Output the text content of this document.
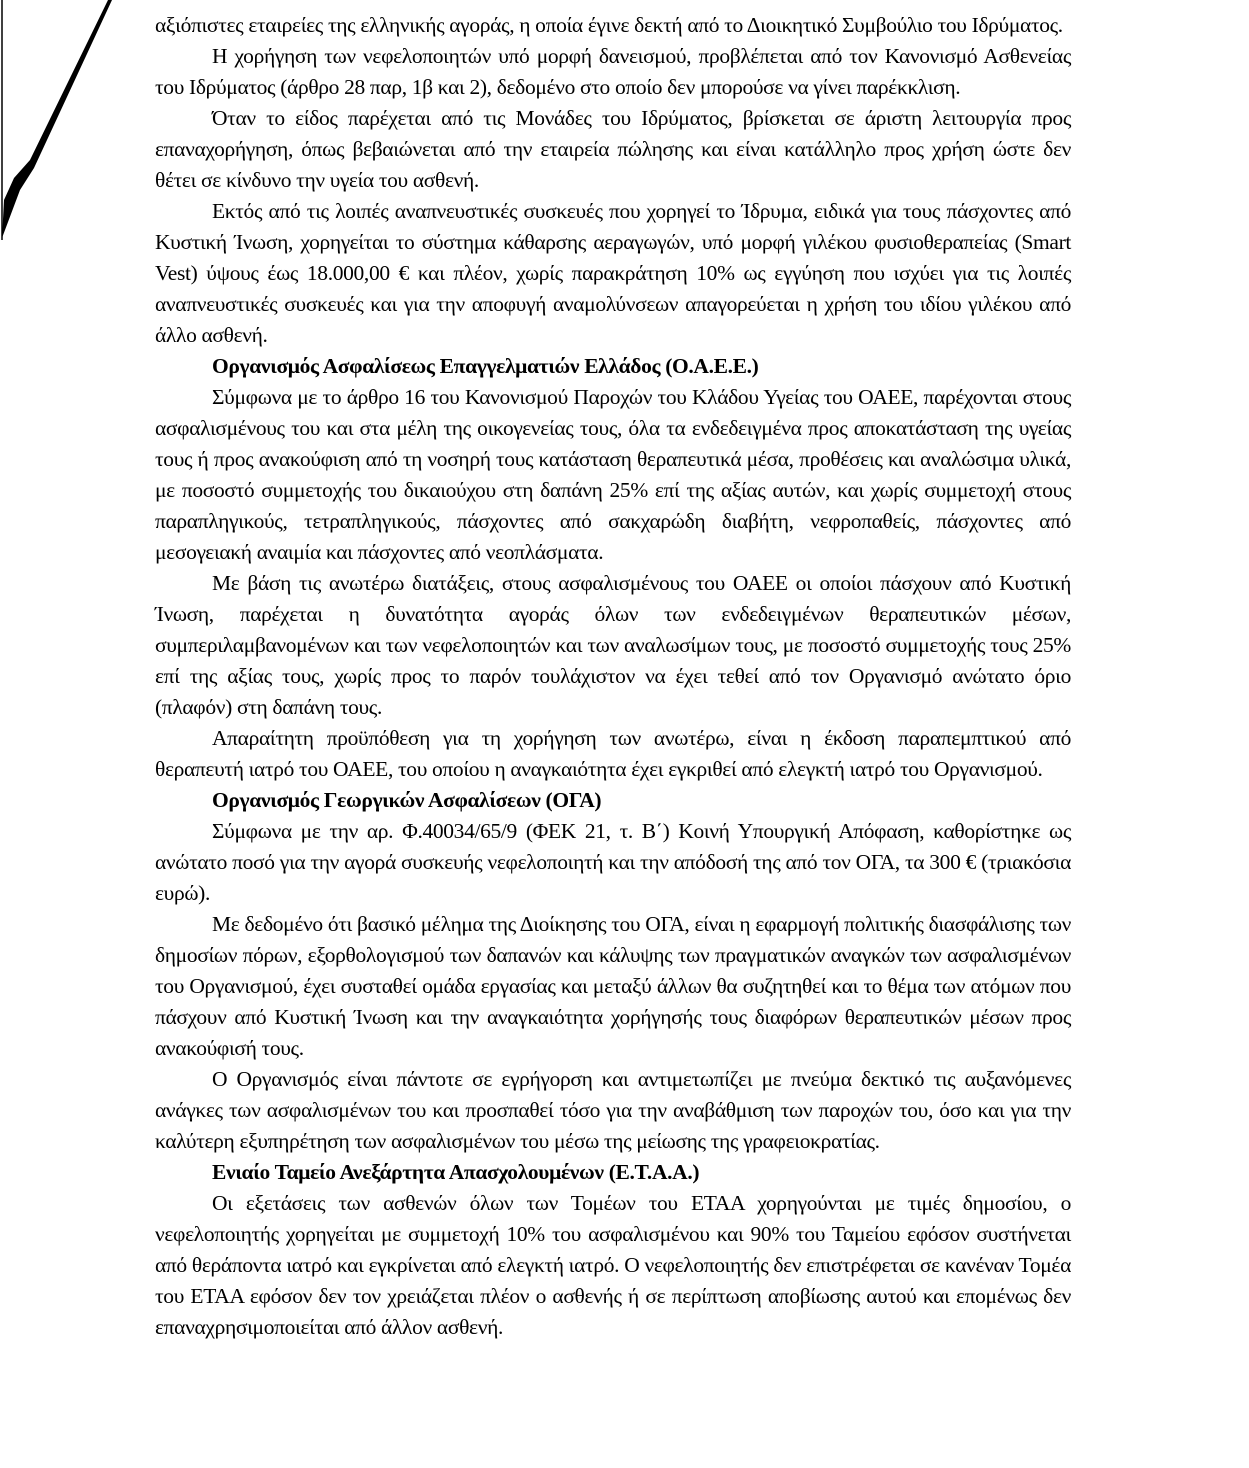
αξιόπιστες εταιρείες της ελληνικής αγοράς, η οποία έγινε δεκτή από το Διοικητικό Συμβούλιο του Ιδρύματος.

Η χορήγηση των νεφελοποιητών υπό μορφή δανεισμού, προβλέπεται από τον Κανονισμό Ασθενείας του Ιδρύματος (άρθρο 28 παρ, 1β και 2), δεδομένο στο οποίο δεν μπορούσε να γίνει παρέκκλιση.

Όταν το είδος παρέχεται από τις Μονάδες του Ιδρύματος, βρίσκεται σε άριστη λειτουργία προς επαναχορήγηση, όπως βεβαιώνεται από την εταιρεία πώλησης και είναι κατάλληλο προς χρήση ώστε δεν θέτει σε κίνδυνο την υγεία του ασθενή.

Εκτός από τις λοιπές αναπνευστικές συσκευές που χορηγεί το Ίδρυμα, ειδικά για τους πάσχοντες από Κυστική Ίνωση, χορηγείται το σύστημα κάθαρσης αεραγωγών, υπό μορφή γιλέκου φυσιοθεραπείας (Smart Vest) ύψους έως 18.000,00 € και πλέον, χωρίς παρακράτηση 10% ως εγγύηση που ισχύει για τις λοιπές αναπνευστικές συσκευές και για την αποφυγή αναμολύνσεων απαγορεύεται η χρήση του ιδίου γιλέκου από άλλο ασθενή.

Οργανισμός Ασφαλίσεως Επαγγελματιών Ελλάδος (Ο.Α.Ε.Ε.)

Σύμφωνα με το άρθρο 16 του Κανονισμού Παροχών του Κλάδου Υγείας του ΟΑΕΕ, παρέχονται στους ασφαλισμένους του και στα μέλη της οικογενείας τους, όλα τα ενδεδειγμένα προς αποκατάσταση της υγείας τους ή προς ανακούφιση από τη νοσηρή τους κατάσταση θεραπευτικά μέσα, προθέσεις και αναλώσιμα υλικά, με ποσοστό συμμετοχής του δικαιούχου στη δαπάνη 25% επί της αξίας αυτών, και χωρίς συμμετοχή στους παραπληγικούς, τετραπληγικούς, πάσχοντες από σακχαρώδη διαβήτη, νεφροπαθείς, πάσχοντες από μεσογειακή αναιμία και πάσχοντες από νεοπλάσματα.

Με βάση τις ανωτέρω διατάξεις, στους ασφαλισμένους του ΟΑΕΕ οι οποίοι πάσχουν από Κυστική Ίνωση, παρέχεται η δυνατότητα αγοράς όλων των ενδεδειγμένων θεραπευτικών μέσων, συμπεριλαμβανομένων και των νεφελοποιητών και των αναλωσίμων τους, με ποσοστό συμμετοχής τους 25% επί της αξίας τους, χωρίς προς το παρόν τουλάχιστον να έχει τεθεί από τον Οργανισμό ανώτατο όριο (πλαφόν) στη δαπάνη τους.

Απαραίτητη προϋπόθεση για τη χορήγηση των ανωτέρω, είναι η έκδοση παραπεμπτικού από θεραπευτή ιατρό του ΟΑΕΕ, του οποίου η αναγκαιότητα έχει εγκριθεί από ελεγκτή ιατρό του Οργανισμού.

Οργανισμός Γεωργικών Ασφαλίσεων (ΟΓΑ)

Σύμφωνα με την αρ. Φ.40034/65/9 (ΦΕΚ 21, τ. Β΄) Κοινή Υπουργική Απόφαση, καθορίστηκε ως ανώτατο ποσό για την αγορά συσκευής νεφελοποιητή και την απόδοσή της από τον ΟΓΑ, τα 300 € (τριακόσια ευρώ).

Με δεδομένο ότι βασικό μέλημα της Διοίκησης του ΟΓΑ, είναι η εφαρμογή πολιτικής διασφάλισης των δημοσίων πόρων, εξορθολογισμού των δαπανών και κάλυψης των πραγματικών αναγκών των ασφαλισμένων του Οργανισμού, έχει συσταθεί ομάδα εργασίας και μεταξύ άλλων θα συζητηθεί και το θέμα των ατόμων που πάσχουν από Κυστική Ίνωση και την αναγκαιότητα χορήγησής τους διαφόρων θεραπευτικών μέσων προς ανακούφισή τους.

Ο Οργανισμός είναι πάντοτε σε εγρήγορση και αντιμετωπίζει με πνεύμα δεκτικό τις αυξανόμενες ανάγκες των ασφαλισμένων του και προσπαθεί τόσο για την αναβάθμιση των παροχών του, όσο και για την καλύτερη εξυπηρέτηση των ασφαλισμένων του μέσω της μείωσης της γραφειοκρατίας.

Ενιαίο Ταμείο Ανεξάρτητα Απασχολουμένων (Ε.Τ.Α.Α.)

Οι εξετάσεις των ασθενών όλων των Τομέων του ΕΤΑΑ χορηγούνται με τιμές δημοσίου, ο νεφελοποιητής χορηγείται με συμμετοχή 10% του ασφαλισμένου και 90% του Ταμείου εφόσον συστήνεται από θεράποντα ιατρό και εγκρίνεται από ελεγκτή ιατρό. Ο νεφελοποιητής δεν επιστρέφεται σε κανέναν Τομέα του ΕΤΑΑ εφόσον δεν τον χρειάζεται πλέον ο ασθενής ή σε περίπτωση αποβίωσης αυτού και επομένως δεν επαναχρησιμοποιείται από άλλον ασθενή.
